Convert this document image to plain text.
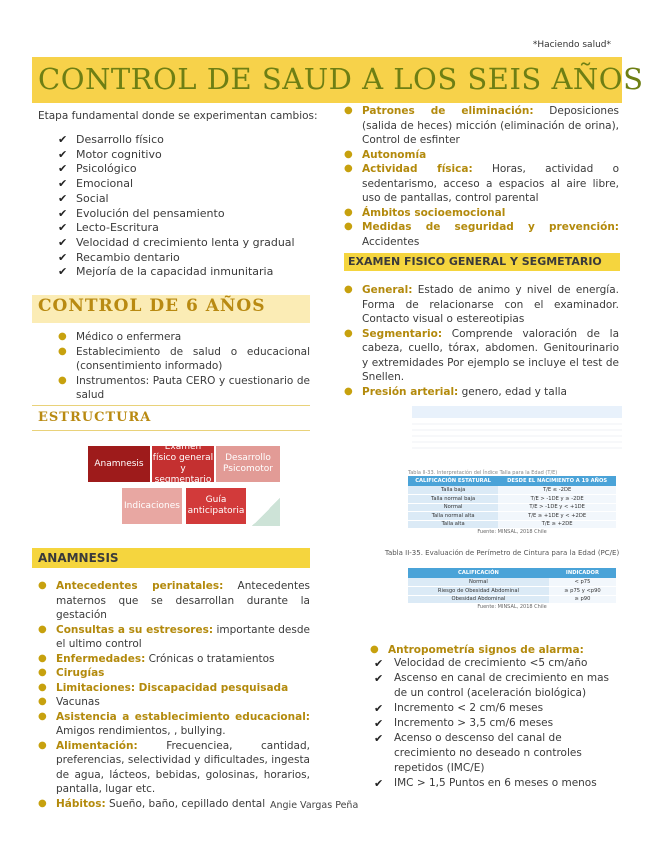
*Haciendo salud*
CONTROL DE SAUD A LOS SEIS AÑOS
Etapa fundamental donde se experimentan cambios:
✔ Desarrollo físico
✔ Motor cognitivo
✔ Psicológico
✔ Emocional
✔ Social
✔ Evolución del pensamiento
✔ Lecto-Escritura
✔ Velocidad d crecimiento lenta y gradual
✔ Recambio dentario
✔ Mejoría de la capacidad inmunitaria
CONTROL DE 6 AÑOS
● Médico o enfermera
● Establecimiento de salud o educacional (consentimiento informado)
● Instrumentos: Pauta CERO y cuestionario de salud
ESTRUCTURA
Anamnesis
Examen físico general y segmentario
Desarrollo Psicomotor
Indicaciones
Guía anticipatoria
ANAMNESIS
● Antecedentes perinatales: Antecedentes maternos que se desarrollan durante la gestación
● Consultas a su estresores: importante desde el ultimo control
● Enfermedades: Crónicas o tratamientos
● Cirugías
● Limitaciones: Discapacidad pesquisada
● Vacunas
● Asistencia a establecimiento educacional: Amigos rendimientos, , bullying.
● Alimentación: Frecuenciea, cantidad, preferencias, selectividad y dificultades, ingesta de agua, lácteos, bebidas, golosinas, horarios, pantalla, lugar etc.
● Hábitos: Sueño, baño, cepillado dental
● Patrones de eliminación: Deposiciones (salida de heces) micción (eliminación de orina), Control de esfinter
● Autonomía
● Actividad física: Horas, actividad o sedentarismo, acceso a espacios al aire libre, uso de pantallas, control parental
● Ámbitos socioemocional
● Medidas de seguridad y prevención: Accidentes
EXAMEN FISICO GENERAL Y SEGMETARIO
● General: Estado de animo y nivel de energía. Forma de relacionarse con el examinador. Contacto visual o estereotipias
● Segmentario: Comprende valoración de la cabeza, cuello, tórax, abdomen. Genitourinario y extremidades Por ejemplo se incluye el test de Snellen.
● Presión arterial: genero, edad y talla
Tabla II-33. Interpretación del Índice Talla para la Edad (T/E)
CALIFICACIÓN ESTATURAL	DESDE EL NACIMIENTO A 19 AÑOS
Talla baja	T/E ≤ -2DE
Talla normal baja	T/E > -1DE y ≥ -2DE
Normal	T/E > -1DE y < +1DE
Talla normal alta	T/E ≥ +1DE y < +2DE
Talla alta	T/E ≥ +2DE
Fuente: MINSAL, 2018 Chile
Tabla II-35. Evaluación de Perímetro de Cintura para la Edad (PC/E)
CALIFICACIÓN	INDICADOR
Normal	< p75
Riesgo de Obesidad Abdominal	≥ p75 y <p90
Obesidad Abdominal	≥ p90
Fuente: MINSAL, 2018 Chile
● Antropometría signos de alarma:
✔	Velocidad de crecimiento <5 cm/año
✔	Ascenso en canal de crecimiento en mas de un control (aceleración biológica)
✔	Incremento < 2 cm/6 meses
✔	Incremento > 3,5 cm/6 meses
✔	Acenso o descenso del canal de crecimiento no deseado n controles repetidos (IMC/E)
✔	IMC > 1,5 Puntos en 6 meses o menos
Angie Vargas Peña
